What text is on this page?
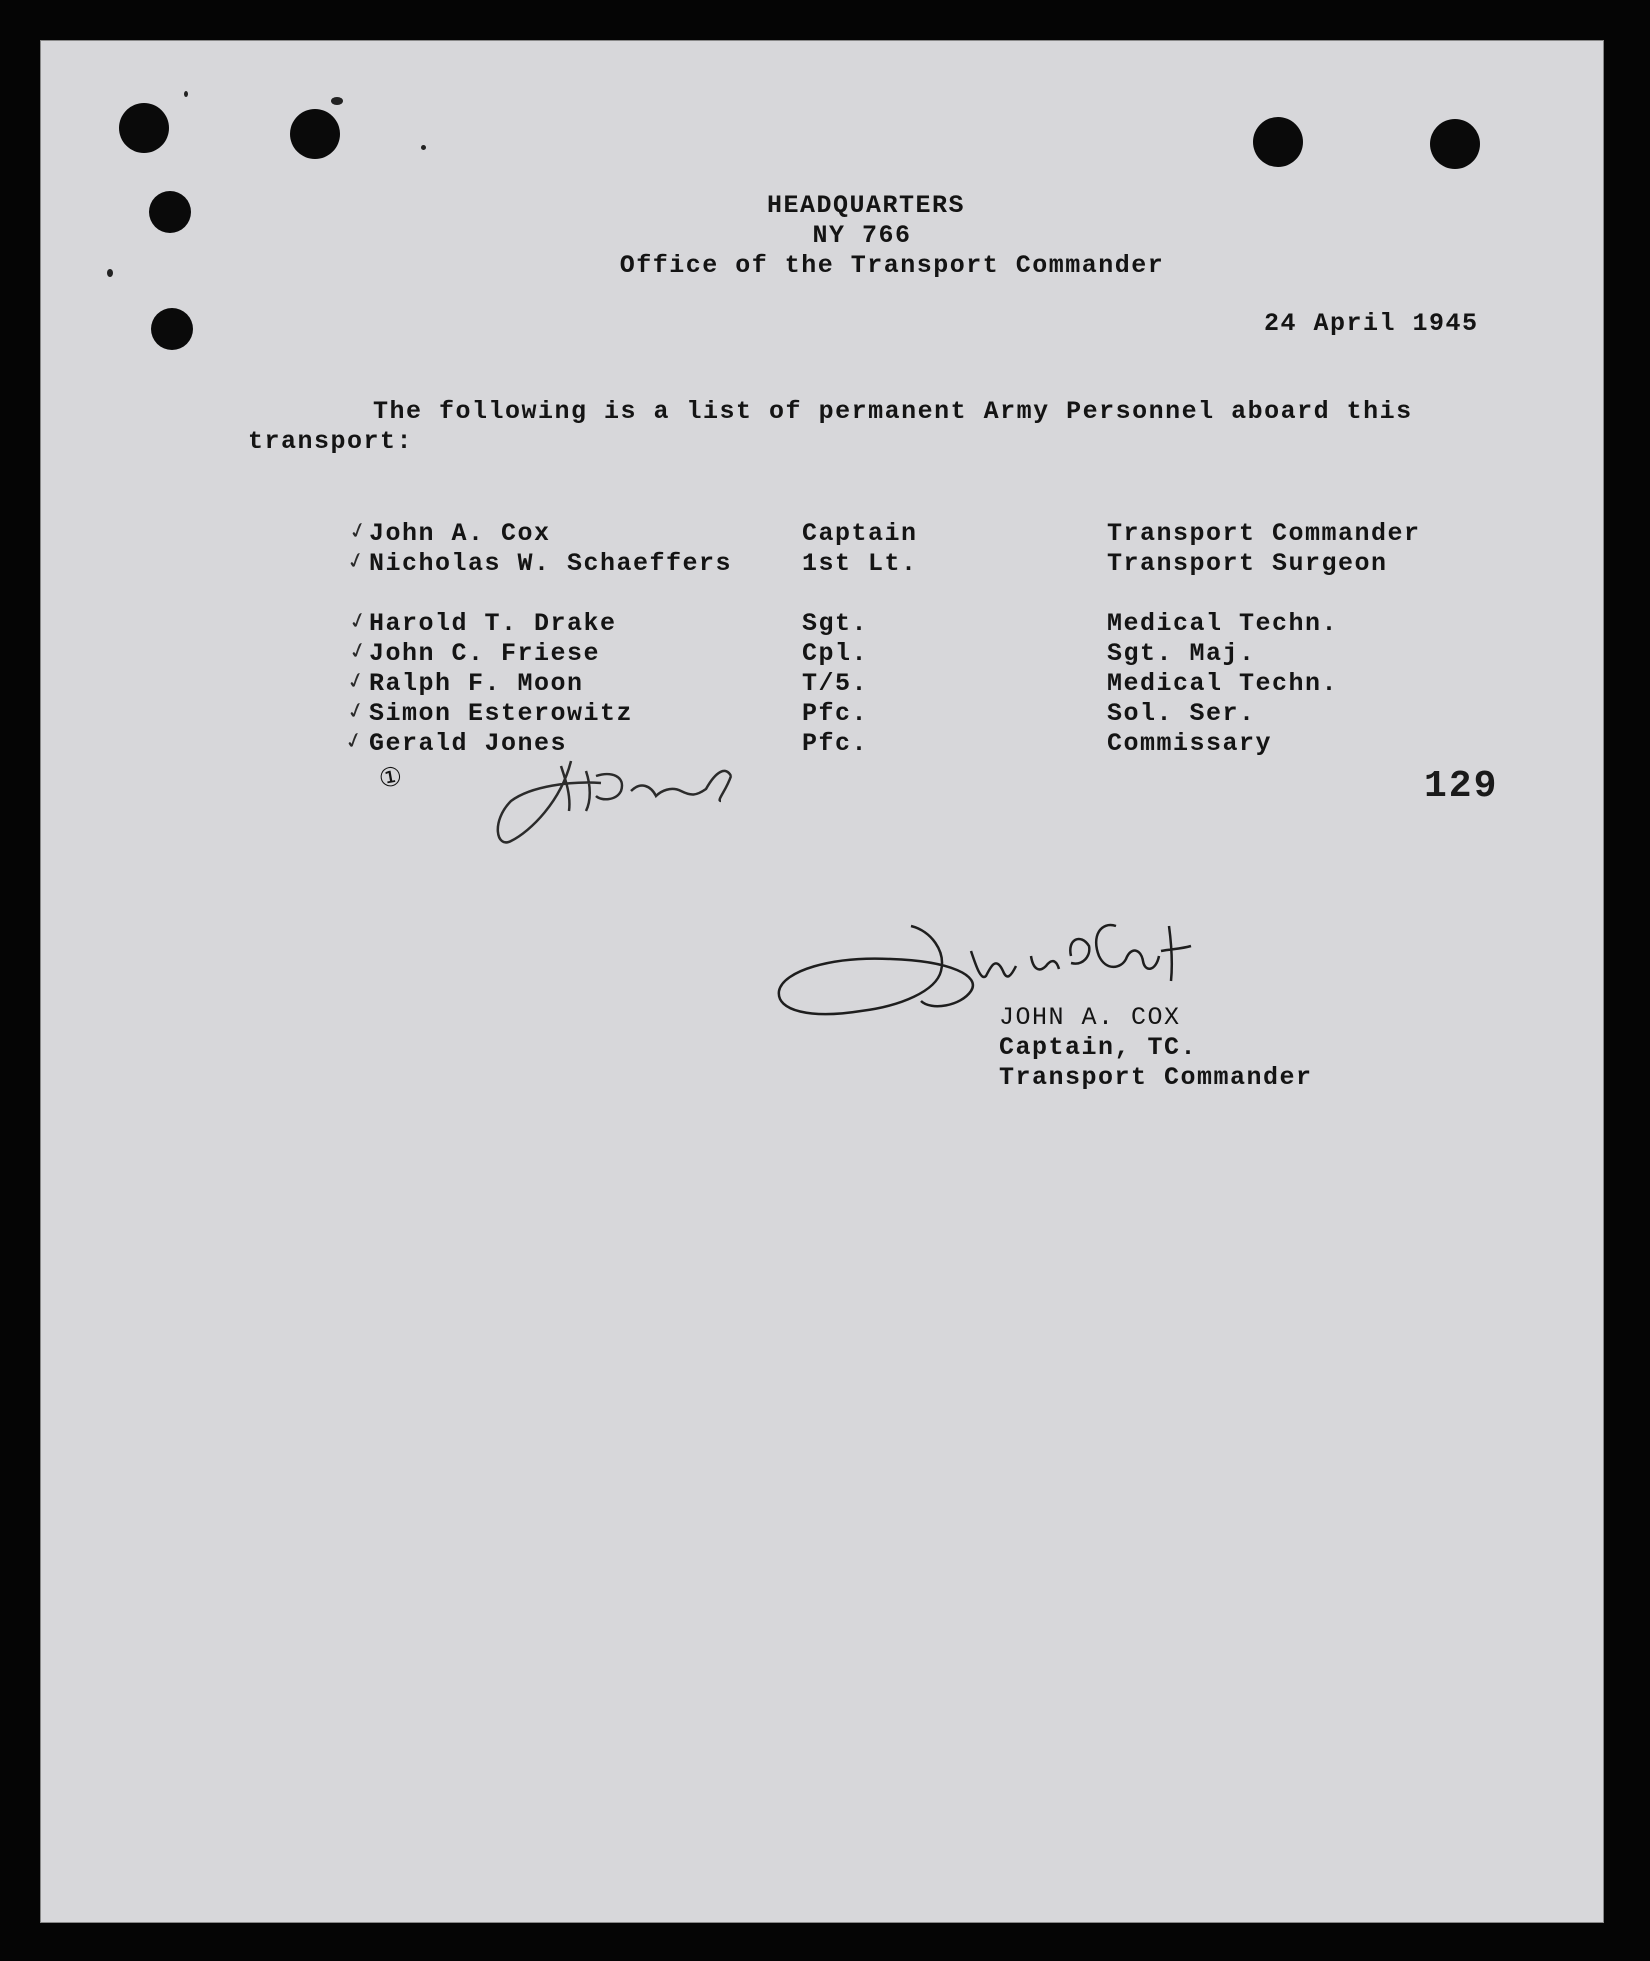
HEADQUARTERS
NY 766
Office of the Transport Commander
24 April 1945
The following is a list of permanent Army Personnel aboard this
transport:
John A. Cox	Captain	Transport Commander
Nicholas W. Schaeffers	1st Lt.	Transport Surgeon
Harold T. Drake	Sgt.	Medical Techn.
John C. Friese	Cpl.	Sgt. Maj.
Ralph F. Moon	T/5.	Medical Techn.
Simon Esterowitz	Pfc.	Sol. Ser.
Gerald Jones	Pfc.	Commissary
✓
✓
✓
✓
✓
✓
✓
①	129
JOHN A. COX
Captain, TC.
Transport Commander
